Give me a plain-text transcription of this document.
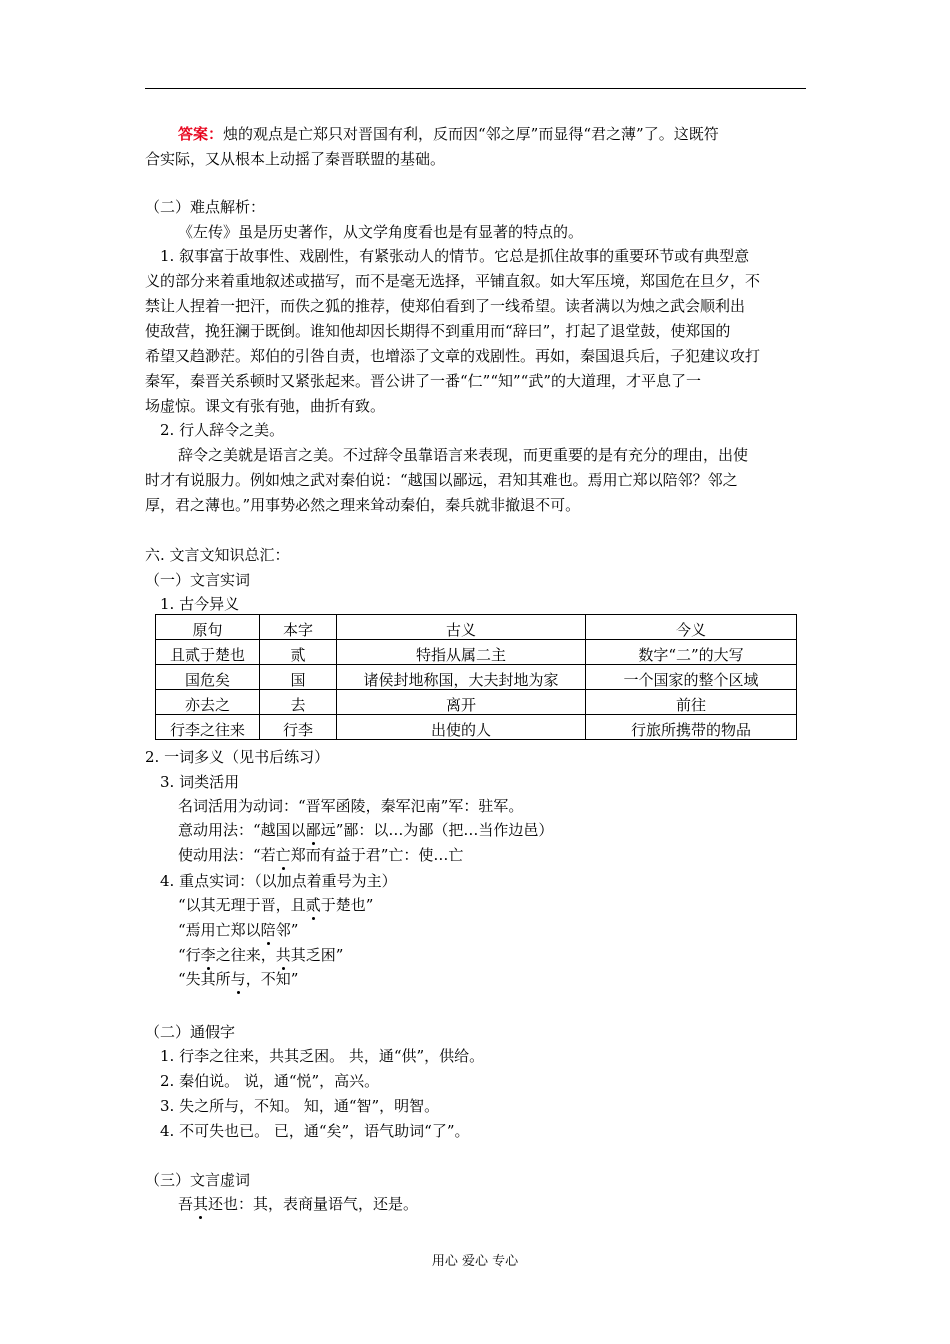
答案：烛的观点是亡郑只对晋国有利，反而因“邻之厚”而显得“君之薄”了。这既符
合实际，又从根本上动摇了秦晋联盟的基础。
（二）难点解析：
《左传》虽是历史著作，从文学角度看也是有显著的特点的。
1. 叙事富于故事性、戏剧性，有紧张动人的情节。它总是抓住故事的重要环节或有典型意
义的部分来着重地叙述或描写，而不是毫无选择，平铺直叙。如大军压境，郑国危在旦夕，不
禁让人捏着一把汗，而佚之狐的推荐，使郑伯看到了一线希望。读者满以为烛之武会顺利出
使敌营，挽狂澜于既倒。谁知他却因长期得不到重用而“辞曰”，打起了退堂鼓，使郑国的
希望又趋渺茫。郑伯的引咎自责，也增添了文章的戏剧性。再如，秦国退兵后，子犯建议攻打
秦军，秦晋关系顿时又紧张起来。晋公讲了一番“仁”“知”“武”的大道理，才平息了一
场虚惊。课文有张有弛，曲折有致。
2. 行人辞令之美。
辞令之美就是语言之美。不过辞令虽靠语言来表现，而更重要的是有充分的理由，出使
时才有说服力。例如烛之武对秦伯说：“越国以鄙远，君知其难也。焉用亡郑以陪邻？邻之
厚，君之薄也。”用事势必然之理来耸动秦伯，秦兵就非撤退不可。
六. 文言文知识总汇：
（一）文言实词
1. 古今异义
原句	本字	古义	今义
且贰于楚也	贰	特指从属二主	数字“二”的大写
国危矣	国	诸侯封地称国，大夫封地为家	一个国家的整个区域
亦去之	去	离开	前往
行李之往来	行李	出使的人	行旅所携带的物品
2. 一词多义（见书后练习）
3. 词类活用
名词活用为动词：“晋军函陵，秦军氾南”军：驻军。
意动用法：“越国以鄙远”鄙：以…为鄙（把…当作边邑）
使动用法：“若亡郑而有益于君”亡：使…亡
4. 重点实词：（以加点着重号为主）
“以其无理于晋，且贰于楚也”
“焉用亡郑以陪邻”
“行李之往来，共其乏困”
“失其所与，不知”
（二）通假字
1. 行李之往来，共其乏困。 共，通“供”，供给。
2. 秦伯说。 说，通“悦”，高兴。
3. 失之所与，不知。 知，通“智”，明智。
4. 不可失也已。 已，通“矣”，语气助词“了”。
（三）文言虚词
吾其还也：其，表商量语气，还是。
用心 爱心 专心
